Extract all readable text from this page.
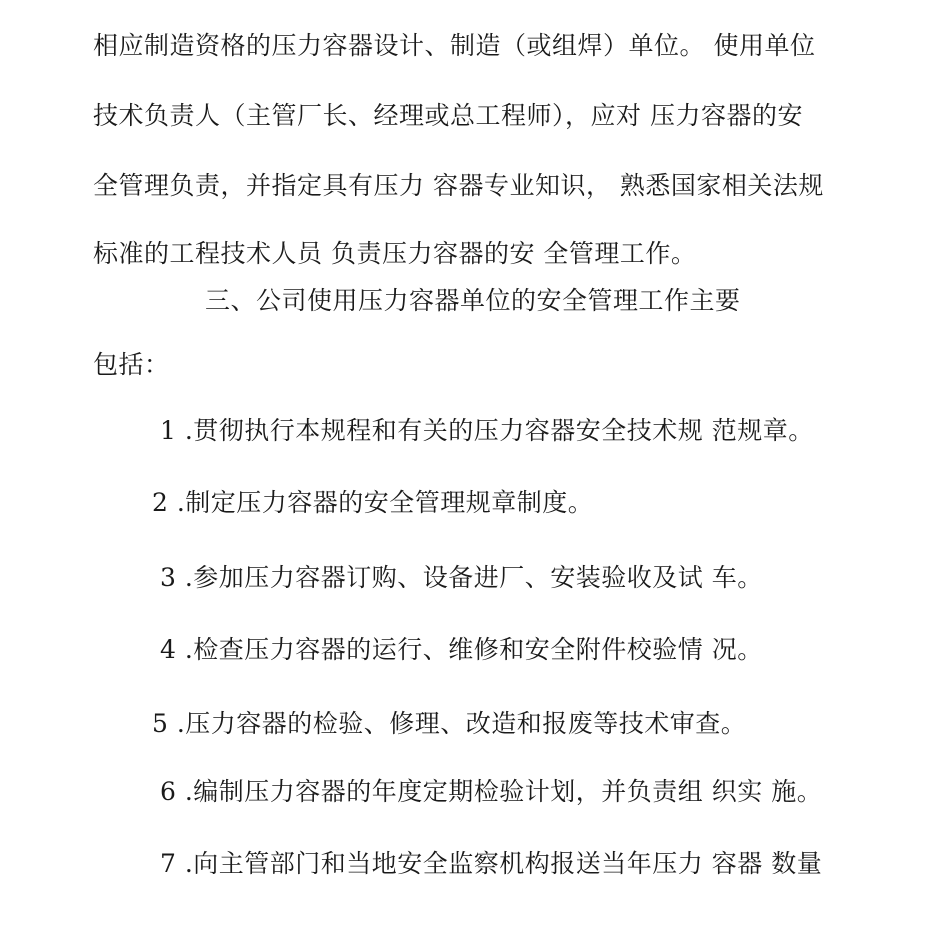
相应制造资格的压力容器设计、制造（或组焊）单位。 使用单位
技术负责人（主管厂长、经理或总工程师），应对 压力容器的安
全管理负责，并指定具有压力 容器专业知识， 熟悉国家相关法规
标准的工程技术人员 负责压力容器的安 全管理工作。
三、公司使用压力容器单位的安全管理工作主要
包括：
1 .贯彻执行本规程和有关的压力容器安全技术规 范规章。
2 .制定压力容器的安全管理规章制度。
3 .参加压力容器订购、设备进厂、安装验收及试 车。
4 .检查压力容器的运行、维修和安全附件校验情 况。
5 .压力容器的检验、修理、改造和报废等技术审查。
6 .编制压力容器的年度定期检验计划，并负责组 织实 施。
7 .向主管部门和当地安全监察机构报送当年压力 容器 数量
